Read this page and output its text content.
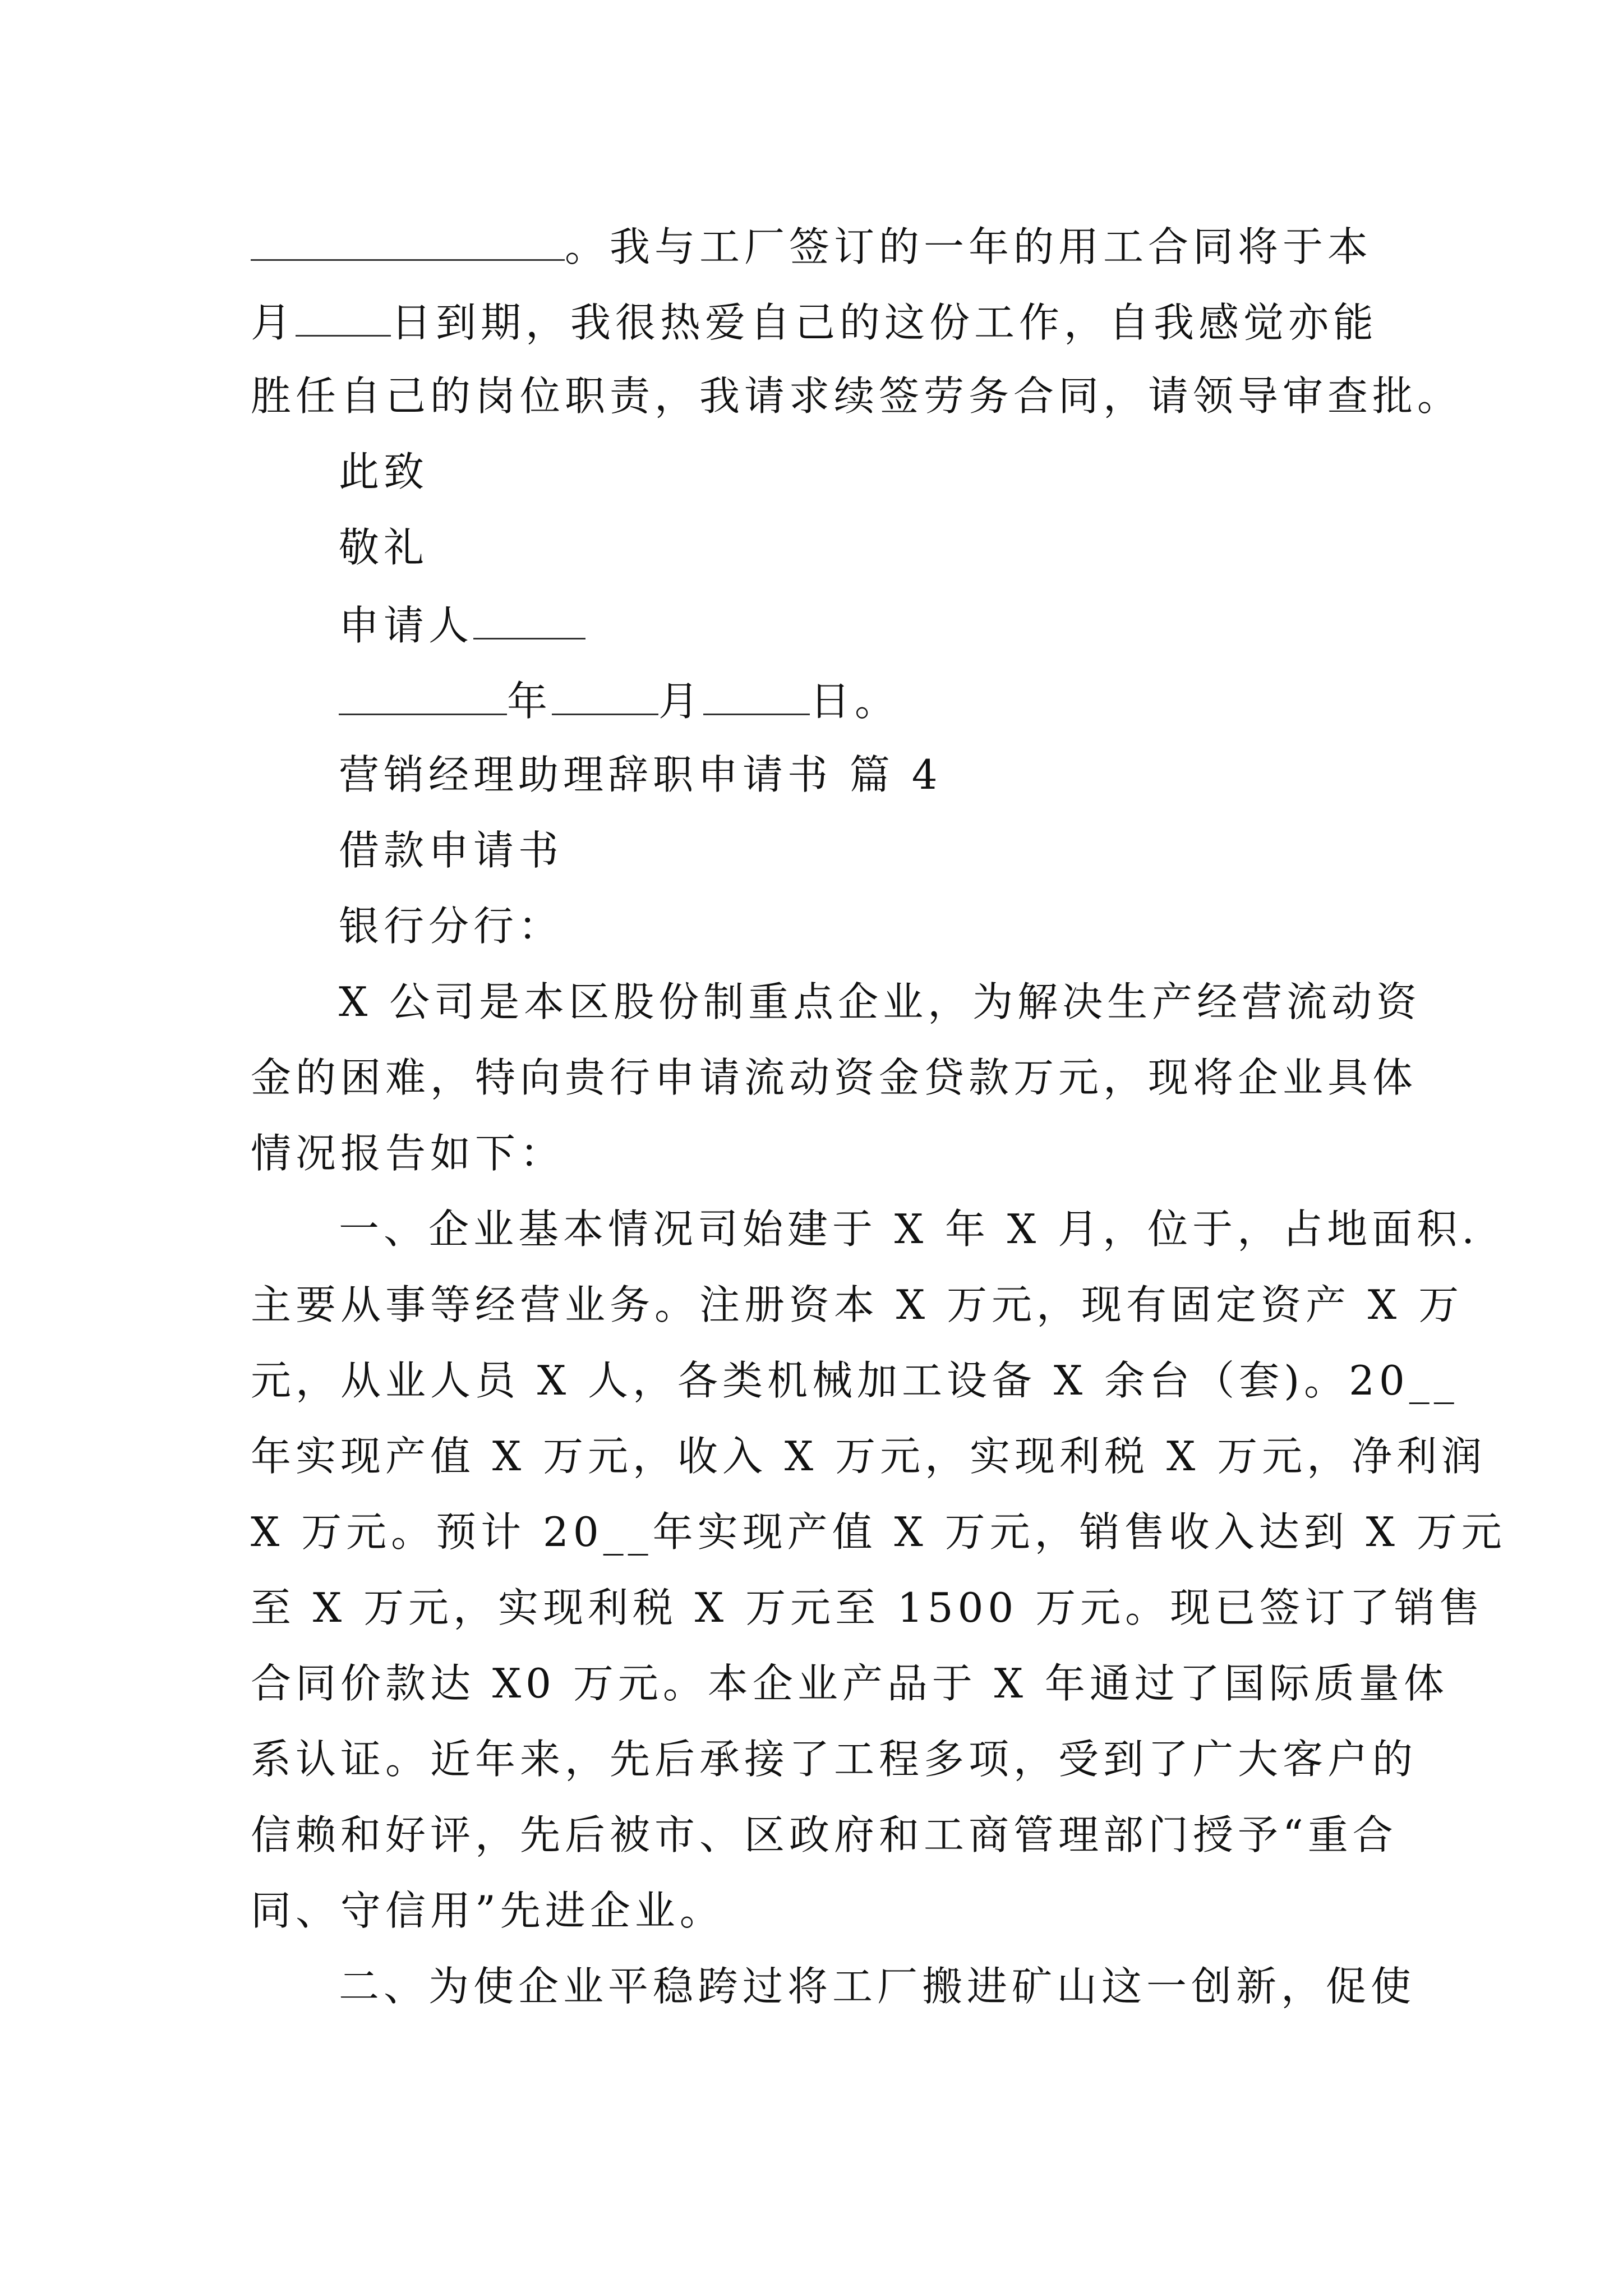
。我与工厂签订的一年的用工合同将于本
月 日到期，我很热爱自己的这份工作，自我感觉亦能
胜任自己的岗位职责，我请求续签劳务合同，请领导审查批。
此致
敬礼
申请人
年	月	日。
营销经理助理辞职申请书 篇 4
借款申请书
银行分行：
X 公司是本区股份制重点企业，为解决生产经营流动资
金的困难，特向贵行申请流动资金贷款万元，现将企业具体
情况报告如下：
一、企业基本情况司始建于 X 年 X 月，位于，占地面积.
主要从事等经营业务。注册资本 X 万元，现有固定资产 X 万
元，从业人员 X 人，各类机械加工设备 X 余台（套)。20__
年实现产值 X 万元，收入 X 万元，实现利税 X 万元，净利润
X 万元。预计 20__年实现产值 X 万元，销售收入达到 X 万元
至 X 万元，实现利税 X 万元至 1500 万元。现已签订了销售
合同价款达 X0 万元。本企业产品于 X 年通过了国际质量体
系认证。近年来，先后承接了工程多项，受到了广大客户的
信赖和好评，先后被市、区政府和工商管理部门授予“重合
同、守信用”先进企业。
二、为使企业平稳跨过将工厂搬进矿山这一创新，促使
